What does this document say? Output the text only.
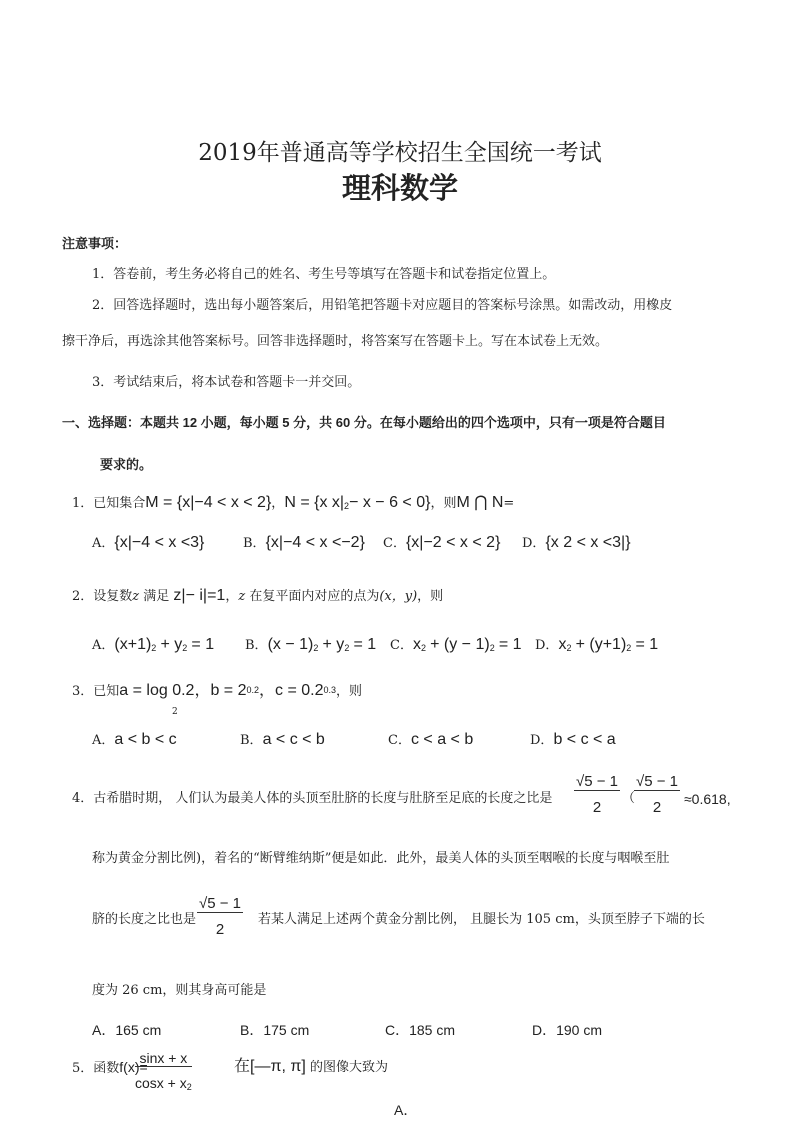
2019年普通高等学校招生全国统一考试
理科数学
注意事项：
1．答卷前，考生务必将自己的姓名、考生号等填写在答题卡和试卷指定位置上。
2．回答选择题时，选出每小题答案后，用铅笔把答题卡对应题目的答案标号涂黑。如需改动，用橡皮
擦干净后，再选涂其他答案标号。回答非选择题时，将答案写在答题卡上。写在本试卷上无效。
3．考试结束后，将本试卷和答题卡一并交回。
一、选择题：本题共 12 小题，每小题 5 分，共 60 分。在每小题给出的四个选项中，只有一项是符合题目
要求的。
1．已知集合M = {x|−4 < x < 2}，N = {x $x|_2- x - 6 < 0$}，则M ⋂ N=
A．{x|−4 < x <3}	B．{x|−4 < x <−2} C．{x|−2 < x < 2} D．{x 2 < x <3|}
2．设复数z 满足 z|− i|=1，z 在复平面内对应的点为(x，y)，则
A．$(x+1)_2 + y_2 = 1$ B．$(x - 1)_2 + y_2 = 1$ C．$x_2 + (y - 1)_2 = 1$ D．$x_2 + (y+1)_2 = 1$
3．已知a = log 0.2，b = 20.2，c = 0.20.3，则
2
A．a < b < c	B．a < c < b	C．c < a < b	D．b < c < a
4．古希腊时期， 人们认为最美人体的头顶至肚脐的长度与肚脐至足底的长度之比是 $\frac{√5 - 1}{2}$ （
$\frac{√5 - 1}{2} \approx 0.618$,
称为黄金分割比例)，着名的“断臂维纳斯”便是如此．此外，最美人体的头顶至咽喉的长度与咽喉至肚
脐的长度之比也是 $\frac{√5 - 1}{2}$ 若某人满足上述两个黄金分割比例， 且腿长为 105 cm，头顶至脖子下端的长
度为 26 cm，则其身高可能是
A．165 cm	B．175 cm	C．185 cm	D．190 cm
5．函数f(x)=
$\frac{\sin x + x}{\cos x + x_2}$	在[—π, π] 的图像大致为
A．
